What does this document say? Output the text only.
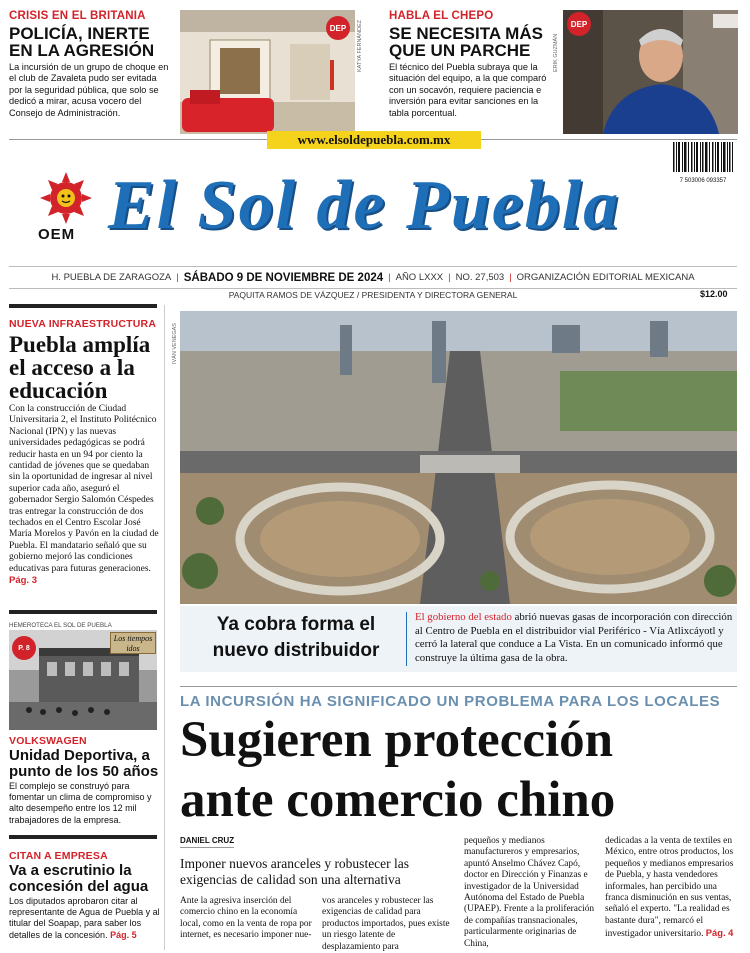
CRISIS EN EL BRITANIA
POLICÍA, INERTE EN LA AGRESIÓN
La incursión de un grupo de choque en el club de Zavaleta pudo ser evitada por la seguridad pública, que solo se dedicó a mirar, acusa vocero del Consejo de Administración.
DEP	KATYA FERNÁNDEZ
HABLA EL CHEPO
SE NECESITA MÁS QUE UN PARCHE
El técnico del Puebla subraya que la situación del equipo, a la que comparó con un socavón, requiere paciencia e inversión para evitar sanciones en la tabla porcentual.
ERIK GUZMÁN
DEP
www.elsoldepuebla.com.mx
OEM El Sol de Puebla	7 503006 093357
H. PUEBLA DE ZARAGOZA | SÁBADO 9 DE NOVIEMBRE DE 2024 | AÑO LXXX | NO. 27,503 | ORGANIZACIÓN EDITORIAL MEXICANA
PAQUITA RAMOS DE VÁZQUEZ / PRESIDENTA Y DIRECTORA GENERAL	$12.00
NUEVA INFRAESTRUCTURA
Puebla amplía el acceso a la educación
Con la construcción de Ciudad Universitaria 2, el Instituto Politécnico Nacional (IPN) y las nuevas universidades pedagógicas se podrá reducir hasta en un 94 por ciento la cantidad de jóvenes que se quedaban sin la oportunidad de ingresar al nivel superior cada año, aseguró el gobernador Sergio Salomón Céspedes tras entregar la construcción de dos techados en el Centro Escolar José María Morelos y Pavón en la ciudad de Puebla. El mandatario señaló que su gobierno mejoró las condiciones educativas para futuras generaciones. Pág. 3
HEMEROTECA EL SOL DE PUEBLA
Los tiempos idos
P. 8
VOLKSWAGEN
Unidad Deportiva, a punto de los 50 años
El complejo se construyó para fomentar un clima de compromiso y alto desempeño entre los 12 mil trabajadores de la empresa.
CITAN A EMPRESA
Va a escrutinio la concesión del agua
Los diputados aprobaron citar al representante de Agua de Puebla y al titular del Soapap, para saber los detalles de la concesión. Pág. 5
IVÁN VENEGAS
Ya cobra forma el nuevo distribuidor
El gobierno del estado abrió nuevas gasas de incorporación con dirección al Centro de Puebla en el distribuidor vial Periférico - Vía Atlixcáyotl y cerró la lateral que conduce a La Vista. En un comunicado informó que construye la última gasa de la obra.
LA INCURSIÓN HA SIGNIFICADO UN PROBLEMA PARA LOS LOCALES
Sugieren protección
ante comercio chino
DANIEL CRUZ
Imponer nuevos aranceles y robustecer las exigencias de calidad son una alternativa
Ante la agresiva inserción del comercio chino en la economía local, como en la venta de ropa por internet, es necesario imponer nue-
vos aranceles y robustecer las exigencias de calidad para productos importados, pues existe un riesgo latente de desplazamiento para
pequeños y medianos manufactureros y empresarios, apuntó Anselmo Chávez Capó, doctor en Dirección y Finanzas e investigador de la Universidad Autónoma del Estado de Puebla (UPAEP). Frente a la proliferación de compañías transnacionales, particularmente originarias de China,
dedicadas a la venta de textiles en México, entre otros productos, los pequeños y medianos empresarios de Puebla, y hasta vendedores informales, han percibido una franca disminución en sus ventas, señaló el experto. "La realidad es bastante dura", remarcó el investigador universitario. Pág. 4
